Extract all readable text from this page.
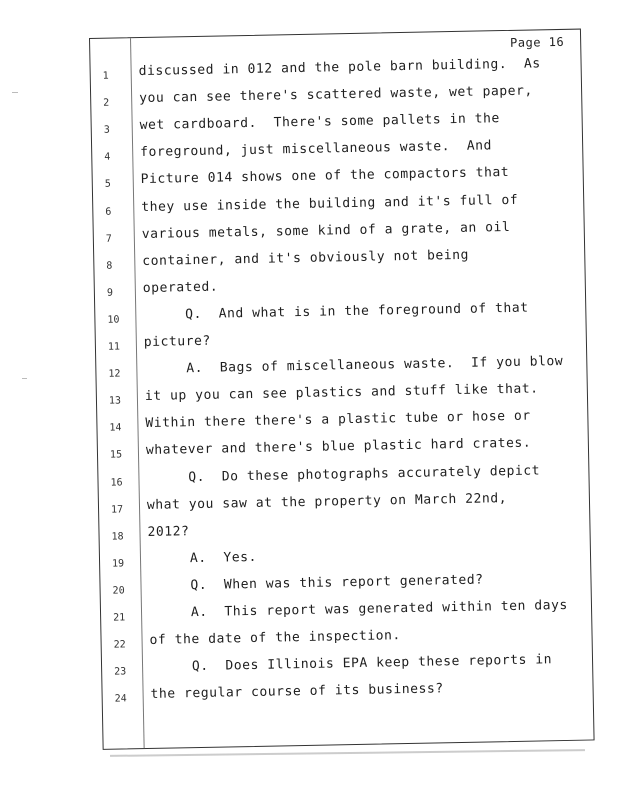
Page 16
1	discussed in 012 and the pole barn building.  As
2	you can see there's scattered waste, wet paper,
3	wet cardboard.  There's some pallets in the
4	foreground, just miscellaneous waste.  And
5	Picture 014 shows one of the compactors that
6	they use inside the building and it's full of
7	various metals, some kind of a grate, an oil
8	container, and it's obviously not being
9	operated.
10	Q.  And what is in the foreground of that
11	picture?
12	A.  Bags of miscellaneous waste.  If you blow
13	it up you can see plastics and stuff like that.
14	Within there there's a plastic tube or hose or
15	whatever and there's blue plastic hard crates.
16	Q.  Do these photographs accurately depict
17	what you saw at the property on March 22nd,
18	2012?
19	A.  Yes.
20	Q.  When was this report generated?
21	A.  This report was generated within ten days
22	of the date of the inspection.
23	Q.  Does Illinois EPA keep these reports in
24	the regular course of its business?
